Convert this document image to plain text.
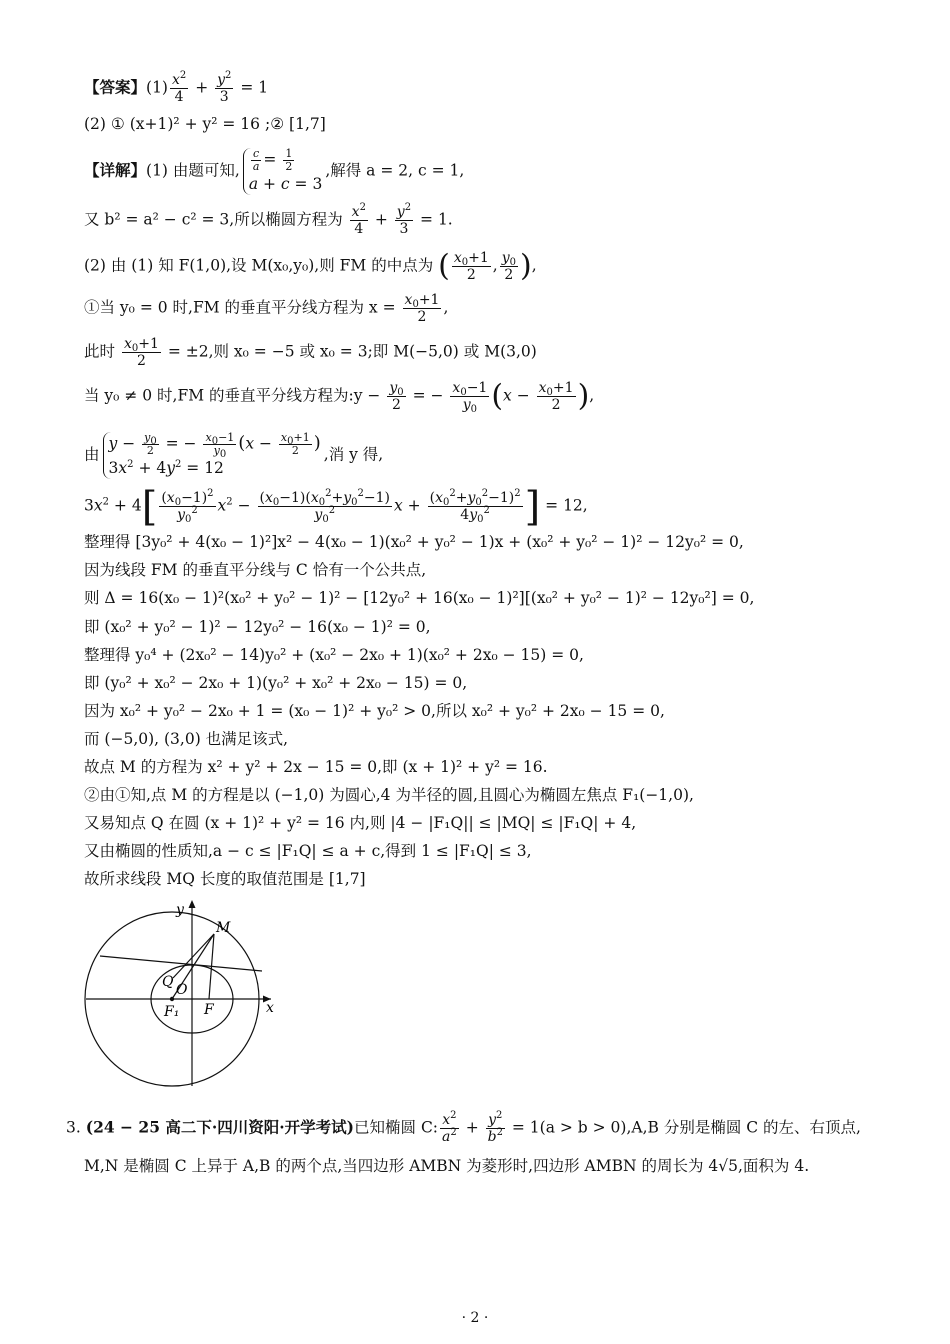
【答案】$(1) \frac{x^2}{4} + \frac{y^2}{3} = 1$
(2) ① (x+1)² + y² = 16 ;② [1,7]
【详解】(1) 由题可知, $\frac{c}{a} = \frac{1}{2}$
a + c = 3
,解得 a = 2, c = 1,
又 b² = a² − c² = 3,所以椭圆方程为 $\frac{x^2}{4} + \frac{y^2}{3} = 1$.
(2) 由 (1) 知 F(1,0),设 M(x₀,y₀),则 FM 的中点为 ( $\frac{x_0+1}{2}$ , $\frac{y_0}{2}$ ),
①当 y₀ = 0 时,FM 的垂直平分线方程为 $x = \frac{x_0+1}{2}$ ,
此时 $\frac{x_0+1}{2} = \pm 2$,则 x₀ = −5 或 x₀ = 3;即 M(−5,0) 或 M(3,0)
当 y₀ ≠ 0 时,FM 的垂直平分线方程为:y − $\frac{y_0}{2}$ = − $\frac{x_0-1}{y_0} (x - \frac{x_0+1}{2}$ ),
由
$y - \frac{y_0}{2}$ = − $\frac{x_0-1}{y_0} (x - \frac{x_0+1}{2}$ )
$3x^2 + 4y^2 = 12$
,消 y 得,
$3x^2 + 4[ \frac{(x_0-1)^2}{y_0^2} x^2 - \frac{(x_0-1)(x_0^2+y_0^2-1)}{y_0^2}$ $x + \frac{(x_0^2+y_0^2-1)^2}{4y_0^2}$ ] = 12,
整理得 [3y₀² + 4(x₀ − 1)²]x² − 4(x₀ − 1)(x₀² + y₀² − 1)x + (x₀² + y₀² − 1)² − 12y₀² = 0,
因为线段 FM 的垂直平分线与 C 恰有一个公共点,
则 Δ = 16(x₀ − 1)²(x₀² + y₀² − 1)² − [12y₀² + 16(x₀ − 1)²][(x₀² + y₀² − 1)² − 12y₀²] = 0,
即 (x₀² + y₀² − 1)² − 12y₀² − 16(x₀ − 1)² = 0,
整理得 y₀⁴ + (2x₀² − 14)y₀² + (x₀² − 2x₀ + 1)(x₀² + 2x₀ − 15) = 0,
即 (y₀² + x₀² − 2x₀ + 1)(y₀² + x₀² + 2x₀ − 15) = 0,
因为 x₀² + y₀² − 2x₀ + 1 = (x₀ − 1)² + y₀² > 0,所以 x₀² + y₀² + 2x₀ − 15 = 0,
而 (−5,0), (3,0) 也满足该式,
故点 M 的方程为 x² + y² + 2x − 15 = 0,即 (x + 1)² + y² = 16.
②由①知,点 M 的方程是以 (−1,0) 为圆心,4 为半径的圆,且圆心为椭圆左焦点 F₁(−1,0),
又易知点 Q 在圆 (x + 1)² + y² = 16 内,则 |4 − |F₁Q|| ≤ |MQ| ≤ |F₁Q| + 4,
又由椭圆的性质知,a − c ≤ |F₁Q| ≤ a + c,得到 1 ≤ |F₁Q| ≤ 3,
故所求线段 MQ 长度的取值范围是 [1,7]
y
x
M
Q O
F₁ F
3. (24 − 25 高二下·四川资阳·开学考试)已知椭圆 C: $\frac{x^2}{a^2} + \frac{y^2}{b^2} = 1(a > b > 0),A,B$ 分别是椭圆 C 的左、右顶点,
M,N 是椭圆 C 上异于 A,B 的两个点,当四边形 AMBN 为菱形时,四边形 AMBN 的周长为 4√5,面积为 4.
· 2 ·
